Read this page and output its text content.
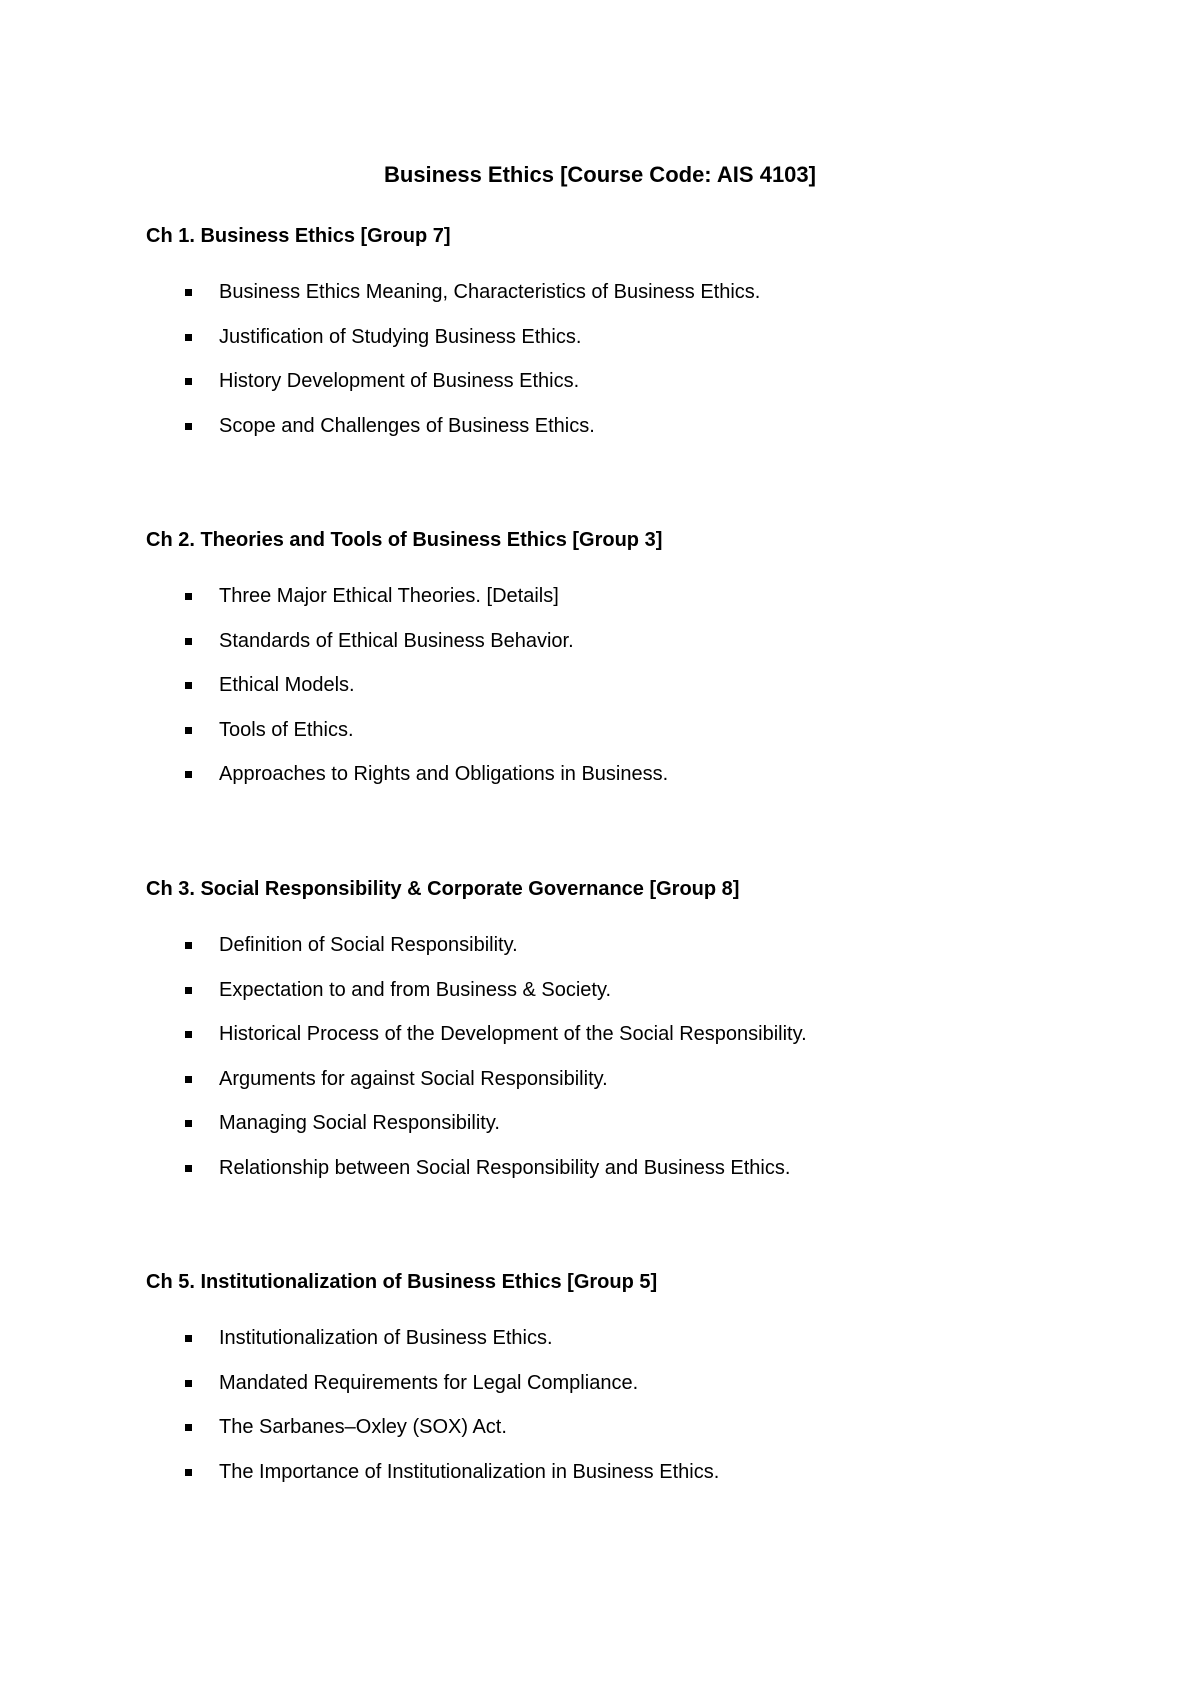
Business Ethics [Course Code: AIS 4103]
Ch 1. Business Ethics [Group 7]
Business Ethics Meaning, Characteristics of Business Ethics.
Justification of Studying Business Ethics.
History Development of Business Ethics.
Scope and Challenges of Business Ethics.
Ch 2. Theories and Tools of Business Ethics [Group 3]
Three Major Ethical Theories. [Details]
Standards of Ethical Business Behavior.
Ethical Models.
Tools of Ethics.
Approaches to Rights and Obligations in Business.
Ch 3. Social Responsibility & Corporate Governance [Group 8]
Definition of Social Responsibility.
Expectation to and from Business & Society.
Historical Process of the Development of the Social Responsibility.
Arguments for against Social Responsibility.
Managing Social Responsibility.
Relationship between Social Responsibility and Business Ethics.
Ch 5. Institutionalization of Business Ethics [Group 5]
Institutionalization of Business Ethics.
Mandated Requirements for Legal Compliance.
The Sarbanes–Oxley (SOX) Act.
The Importance of Institutionalization in Business Ethics.
